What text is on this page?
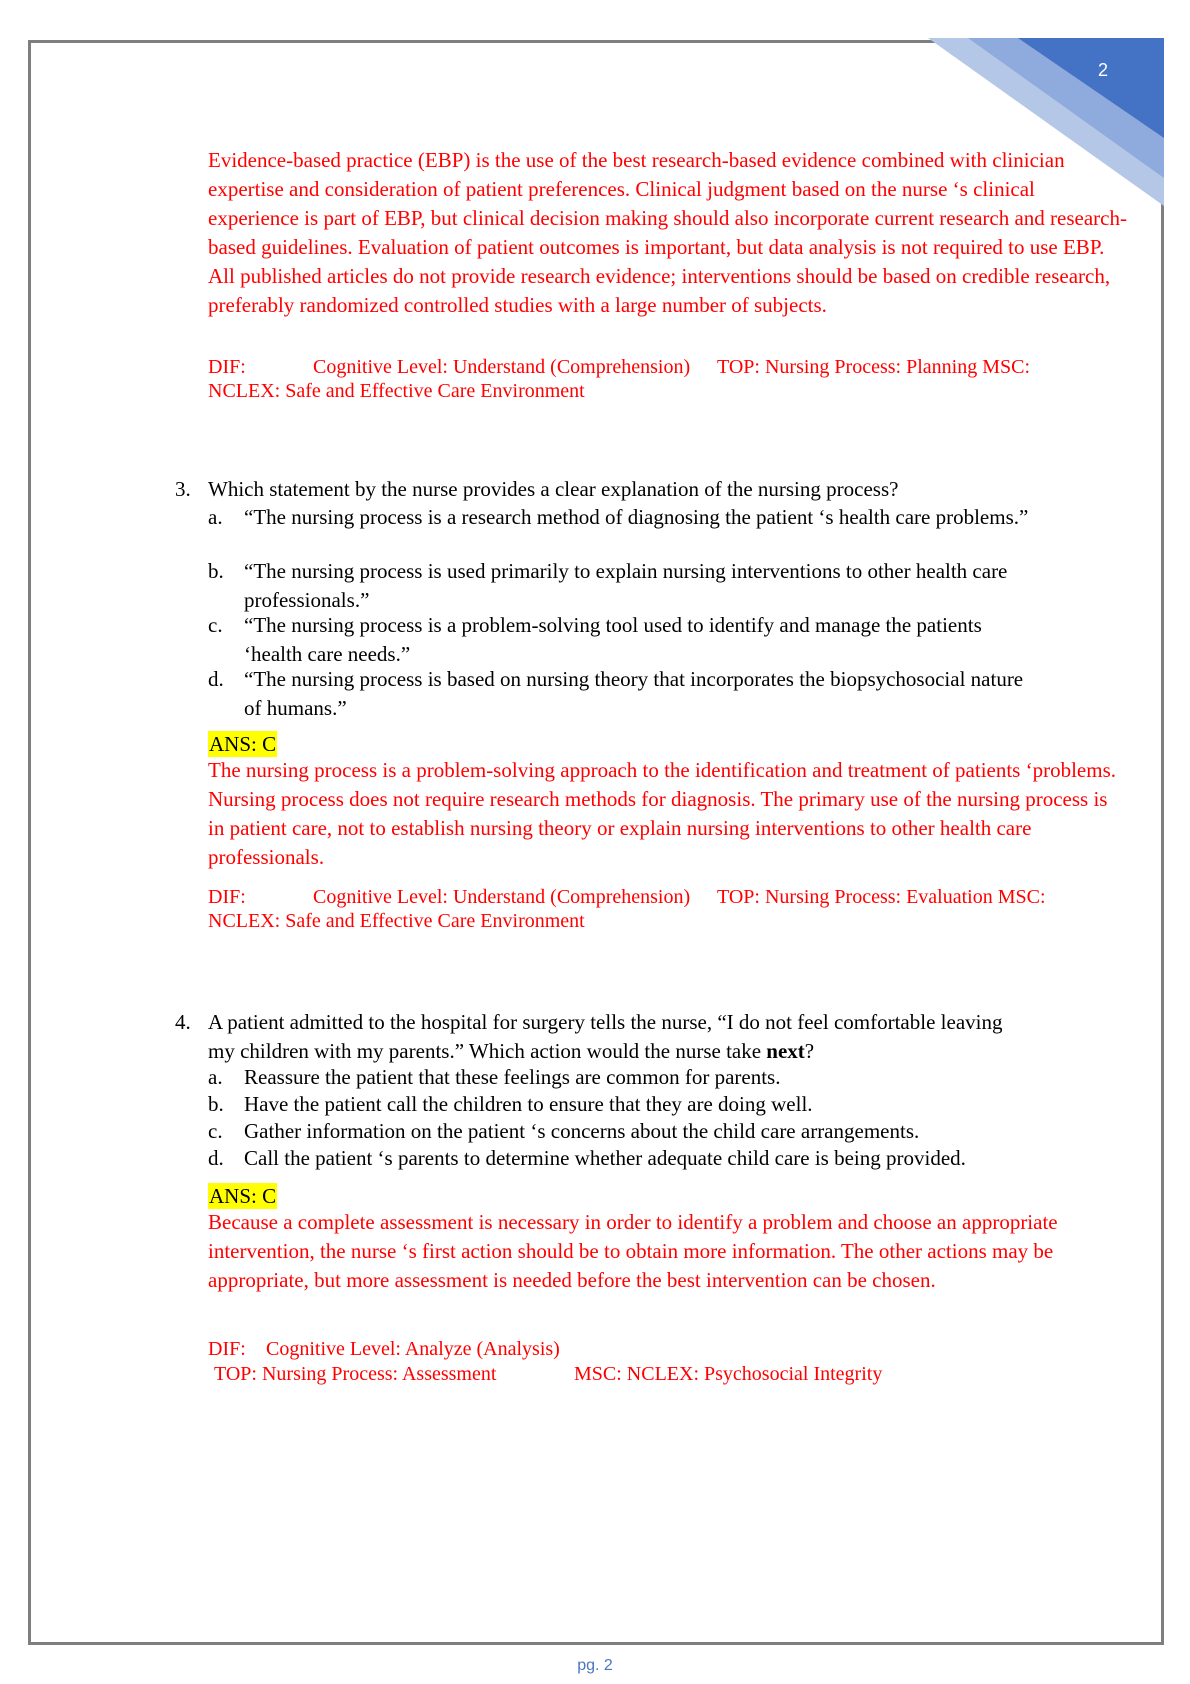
2
Evidence-based practice (EBP) is the use of the best research-based evidence combined with clinician expertise and consideration of patient preferences. Clinical judgment based on the nurse ‘s clinical experience is part of EBP, but clinical decision making should also incorporate current research and research-based guidelines. Evaluation of patient outcomes is important, but data analysis is not required to use EBP. All published articles do not provide research evidence; interventions should be based on credible research, preferably randomized controlled studies with a large number of subjects.
DIF:	Cognitive Level: Understand (Comprehension) TOP: Nursing Process: Planning MSC:
NCLEX: Safe and Effective Care Environment
3. Which statement by the nurse provides a clear explanation of the nursing process?
a. “The nursing process is a research method of diagnosing the patient ‘s health care problems.”
b. “The nursing process is used primarily to explain nursing interventions to other health care professionals.”
c. “The nursing process is a problem-solving tool used to identify and manage the patients ‘health care needs.”
d. “The nursing process is based on nursing theory that incorporates the biopsychosocial nature of humans.”
ANS: C
The nursing process is a problem-solving approach to the identification and treatment of patients ‘problems. Nursing process does not require research methods for diagnosis. The primary use of the nursing process is in patient care, not to establish nursing theory or explain nursing interventions to other health care professionals.
DIF:	Cognitive Level: Understand (Comprehension) TOP: Nursing Process: Evaluation MSC:
NCLEX: Safe and Effective Care Environment
4. A patient admitted to the hospital for surgery tells the nurse, “I do not feel comfortable leaving my children with my parents.” Which action would the nurse take next?
a. Reassure the patient that these feelings are common for parents.
b. Have the patient call the children to ensure that they are doing well.
c. Gather information on the patient ‘s concerns about the child care arrangements.
d. Call the patient ‘s parents to determine whether adequate child care is being provided.
ANS: C
Because a complete assessment is necessary in order to identify a problem and choose an appropriate intervention, the nurse ‘s first action should be to obtain more information. The other actions may be appropriate, but more assessment is needed before the best intervention can be chosen.
DIF: Cognitive Level: Analyze (Analysis)
TOP: Nursing Process: Assessment	MSC: NCLEX: Psychosocial Integrity
pg. 2
